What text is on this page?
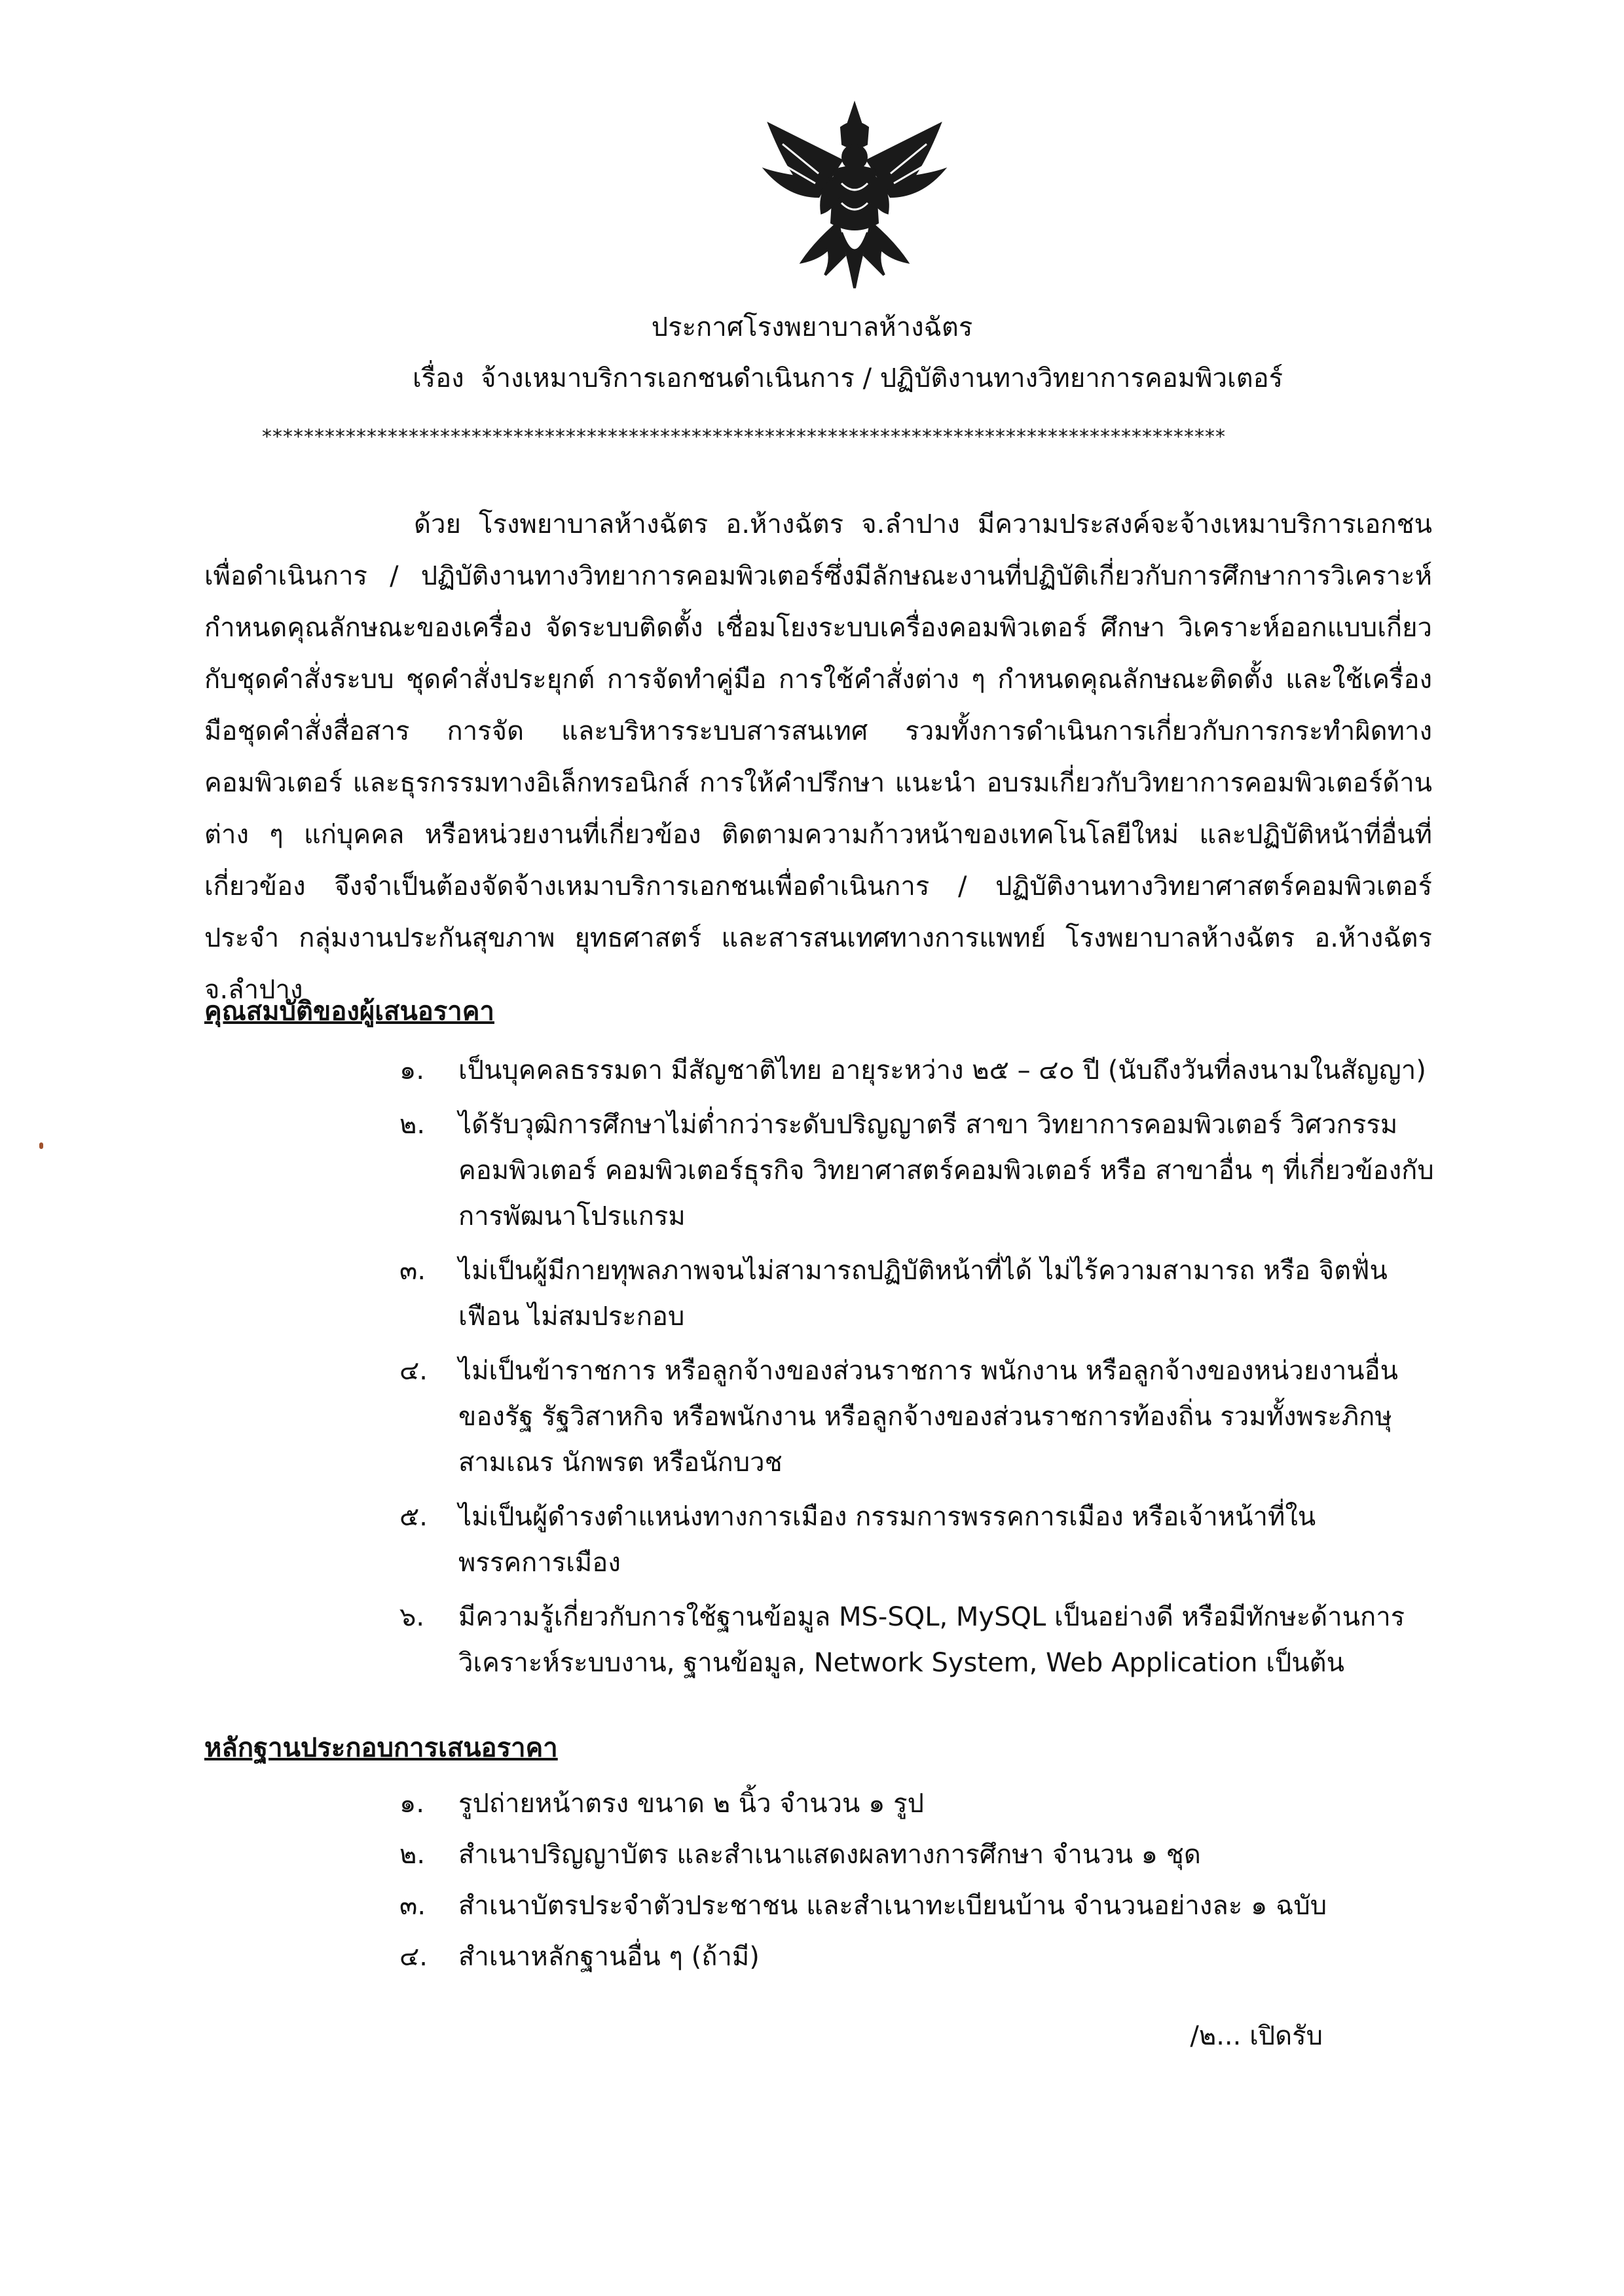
ประกาศโรงพยาบาลห้างฉัตร
เรื่อง จ้างเหมาบริการเอกชนดำเนินการ / ปฏิบัติงานทางวิทยาการคอมพิวเตอร์
********************************************************************************************
ด้วย โรงพยาบาลห้างฉัตร อ.ห้างฉัตร จ.ลำปาง มีความประสงค์จะจ้างเหมาบริการเอกชนเพื่อดำเนินการ / ปฏิบัติงานทางวิทยาการคอมพิวเตอร์ซึ่งมีลักษณะงานที่ปฏิบัติเกี่ยวกับการศึกษาการวิเคราะห์กำหนดคุณลักษณะของเครื่อง จัดระบบติดตั้ง เชื่อมโยงระบบเครื่องคอมพิวเตอร์ ศึกษา วิเคราะห์ออกแบบเกี่ยวกับชุดคำสั่งระบบ ชุดคำสั่งประยุกต์ การจัดทำคู่มือ การใช้คำสั่งต่าง ๆ กำหนดคุณลักษณะติดตั้ง และใช้เครื่องมือชุดคำสั่งสื่อสาร การจัด และบริหารระบบสารสนเทศ รวมทั้งการดำเนินการเกี่ยวกับการกระทำผิดทางคอมพิวเตอร์ และธุรกรรมทางอิเล็กทรอนิกส์ การให้คำปรึกษา แนะนำ อบรมเกี่ยวกับวิทยาการคอมพิวเตอร์ด้านต่าง ๆ แก่บุคคล หรือหน่วยงานที่เกี่ยวข้อง ติดตามความก้าวหน้าของเทคโนโลยีใหม่ และปฏิบัติหน้าที่อื่นที่เกี่ยวข้อง จึงจำเป็นต้องจัดจ้างเหมาบริการเอกชนเพื่อดำเนินการ / ปฏิบัติงานทางวิทยาศาสตร์คอมพิวเตอร์ประจำ กลุ่มงานประกันสุขภาพ ยุทธศาสตร์ และสารสนเทศทางการแพทย์ โรงพยาบาลห้างฉัตร อ.ห้างฉัตร จ.ลำปาง
คุณสมบัติของผู้เสนอราคา
๑.	เป็นบุคคลธรรมดา มีสัญชาติไทย อายุระหว่าง ๒๕ – ๔๐ ปี (นับถึงวันที่ลงนามในสัญญา)
๒.	ได้รับวุฒิการศึกษาไม่ต่ำกว่าระดับปริญญาตรี สาขา วิทยาการคอมพิวเตอร์ วิศวกรรมคอมพิวเตอร์ คอมพิวเตอร์ธุรกิจ วิทยาศาสตร์คอมพิวเตอร์ หรือ สาขาอื่น ๆ ที่เกี่ยวข้องกับการพัฒนาโปรแกรม
๓.	ไม่เป็นผู้มีกายทุพลภาพจนไม่สามารถปฏิบัติหน้าที่ได้ ไม่ไร้ความสามารถ หรือ จิตฟั่นเฟือน ไม่สมประกอบ
๔.	ไม่เป็นข้าราชการ หรือลูกจ้างของส่วนราชการ พนักงาน หรือลูกจ้างของหน่วยงานอื่นของรัฐ รัฐวิสาหกิจ หรือพนักงาน หรือลูกจ้างของส่วนราชการท้องถิ่น รวมทั้งพระภิกษุ สามเณร นักพรต หรือนักบวช
๕.	ไม่เป็นผู้ดำรงตำแหน่งทางการเมือง กรรมการพรรคการเมือง หรือเจ้าหน้าที่ในพรรคการเมือง
๖.	มีความรู้เกี่ยวกับการใช้ฐานข้อมูล MS-SQL, MySQL เป็นอย่างดี หรือมีทักษะด้านการวิเคราะห์ระบบงาน, ฐานข้อมูล, Network System, Web Application เป็นต้น
หลักฐานประกอบการเสนอราคา
๑.	รูปถ่ายหน้าตรง ขนาด ๒ นิ้ว จำนวน ๑ รูป
๒.	สำเนาปริญญาบัตร และสำเนาแสดงผลทางการศึกษา จำนวน ๑ ชุด
๓.	สำเนาบัตรประจำตัวประชาชน และสำเนาทะเบียนบ้าน จำนวนอย่างละ ๑ ฉบับ
๔.	สำเนาหลักฐานอื่น ๆ (ถ้ามี)
/๒... เปิดรับ
